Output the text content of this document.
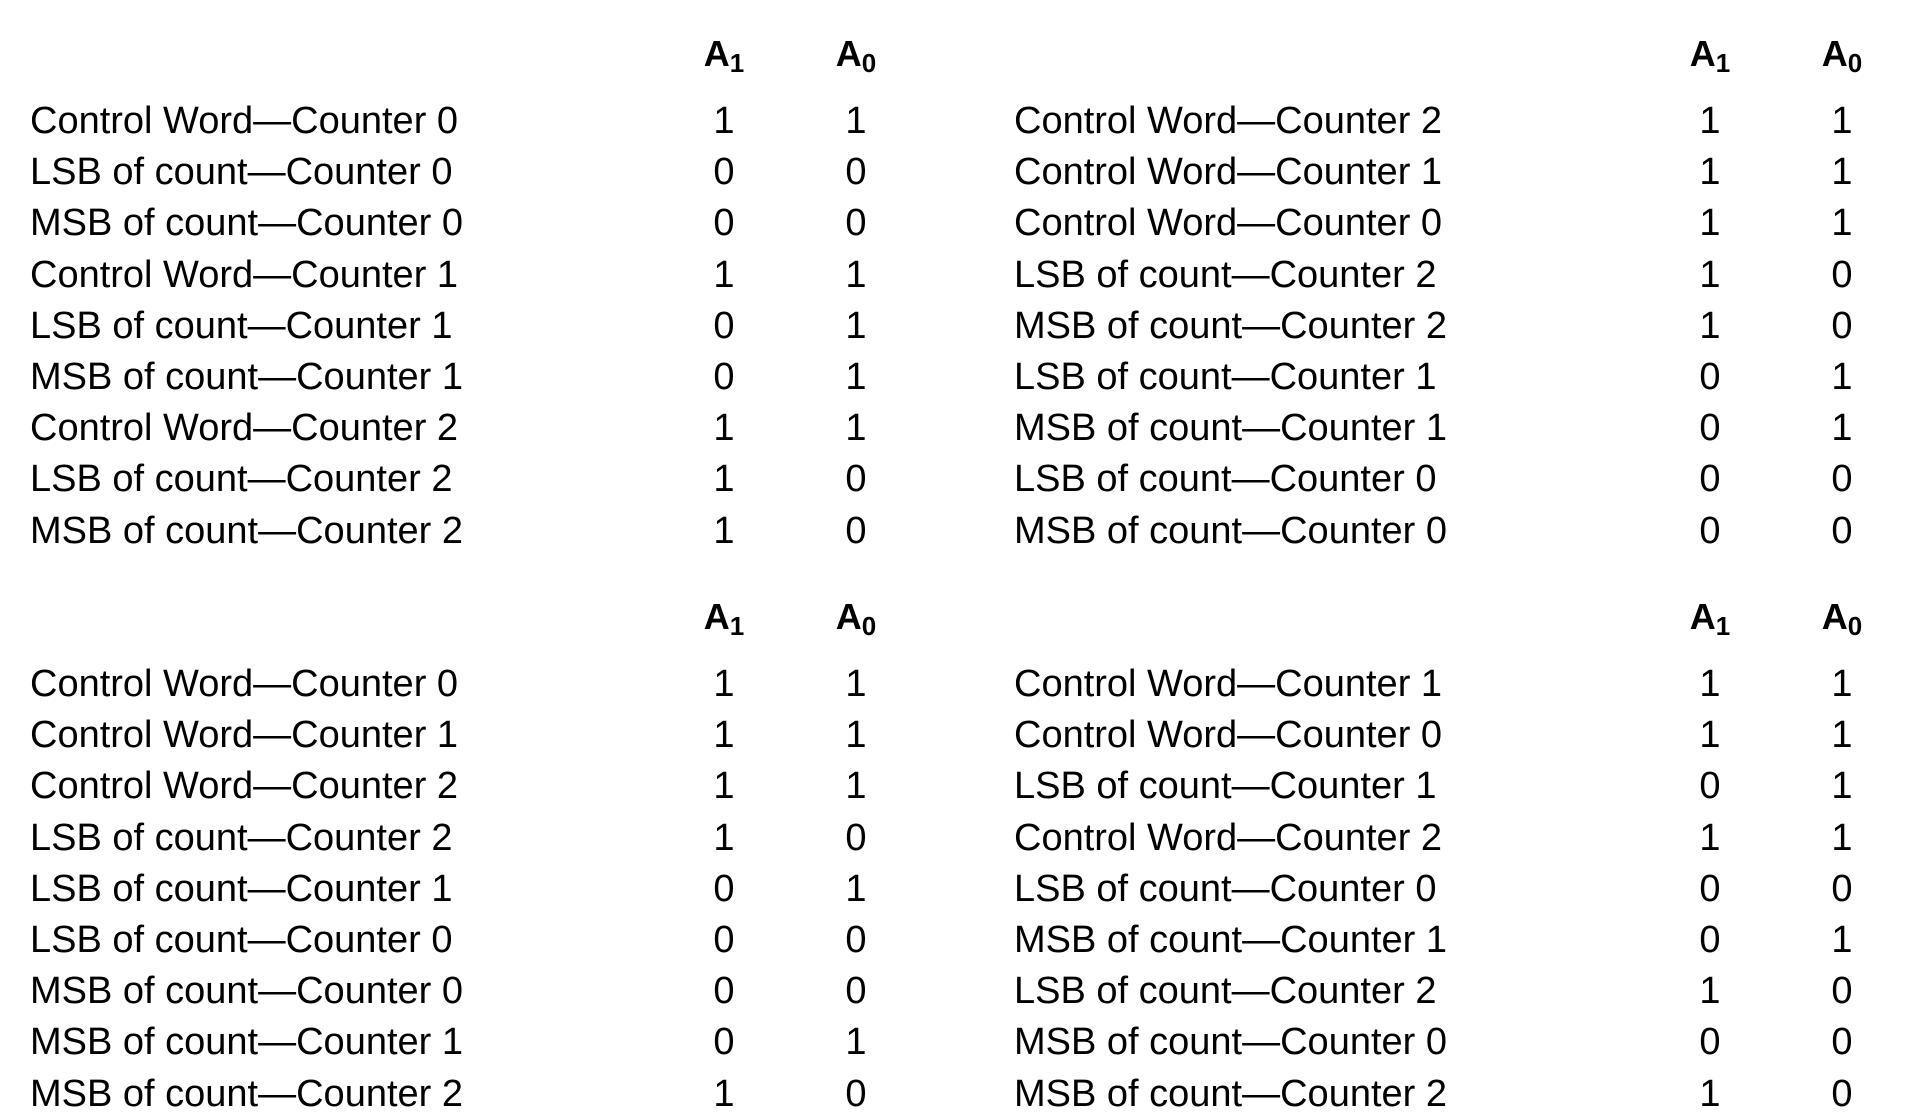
$A_1$	$A_0$
Control Word—Counter 0	1	1
LSB of count—Counter 0	0	0
MSB of count—Counter 0	0	0
Control Word—Counter 1	1	1
LSB of count—Counter 1	0	1
MSB of count—Counter 1	0	1
Control Word—Counter 2	1	1
LSB of count—Counter 2	1	0
MSB of count—Counter 2	1	0
$A_1$	$A_0$
Control Word—Counter 2	1	1
Control Word—Counter 1	1	1
Control Word—Counter 0	1	1
LSB of count—Counter 2	1	0
MSB of count—Counter 2	1	0
LSB of count—Counter 1	0	1
MSB of count—Counter 1	0	1
LSB of count—Counter 0	0	0
MSB of count—Counter 0	0	0
$A_1$	$A_0$
Control Word—Counter 0	1	1
Control Word—Counter 1	1	1
Control Word—Counter 2	1	1
LSB of count—Counter 2	1	0
LSB of count—Counter 1	0	1
LSB of count—Counter 0	0	0
MSB of count—Counter 0	0	0
MSB of count—Counter 1	0	1
MSB of count—Counter 2	1	0
$A_1$	$A_0$
Control Word—Counter 1	1	1
Control Word—Counter 0	1	1
LSB of count—Counter 1	0	1
Control Word—Counter 2	1	1
LSB of count—Counter 0	0	0
MSB of count—Counter 1	0	1
LSB of count—Counter 2	1	0
MSB of count—Counter 0	0	0
MSB of count—Counter 2	1	0
